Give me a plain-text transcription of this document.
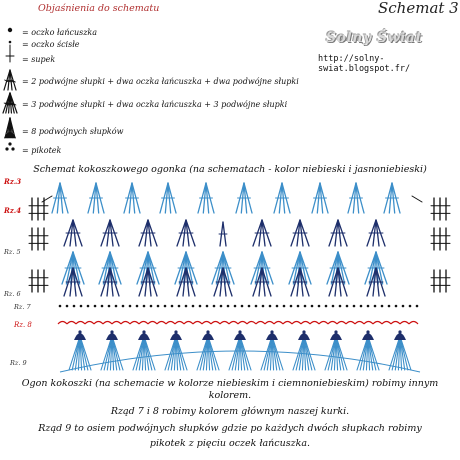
Objaśnienia do schematu	Schemat 3
Solny Świat
http://solny-swiat.blogspot.fr/
= oczko łańcuszka
= oczko ścisłe
= supek
= 2 podwójne słupki + dwa oczka łańcuszka + dwa podwójne słupki
= 3 podwójne słupki + dwa oczka łańcuszka + 3 podwójne słupki
= 8 podwójnych słupków
= pikotek
Schemat kokoszkowego ogonka (na schematach - kolor niebieski i jasnoniebieski)
Rz.3
Rz.4
Rz. 5
Rz. 6
Rz. 7
Rz. 8
Rz. 9
Ogon kokoszki (na schemacie w kolorze niebieskim i ciemnoniebieskim) robimy innym
kolorem.
Rząd 7 i 8 robimy kolorem głównym naszej kurki.
Rząd 9 to osiem podwójnych słupków gdzie po każdych dwóch słupkach robimy
pikotek z pięciu oczek łańcuszka.
